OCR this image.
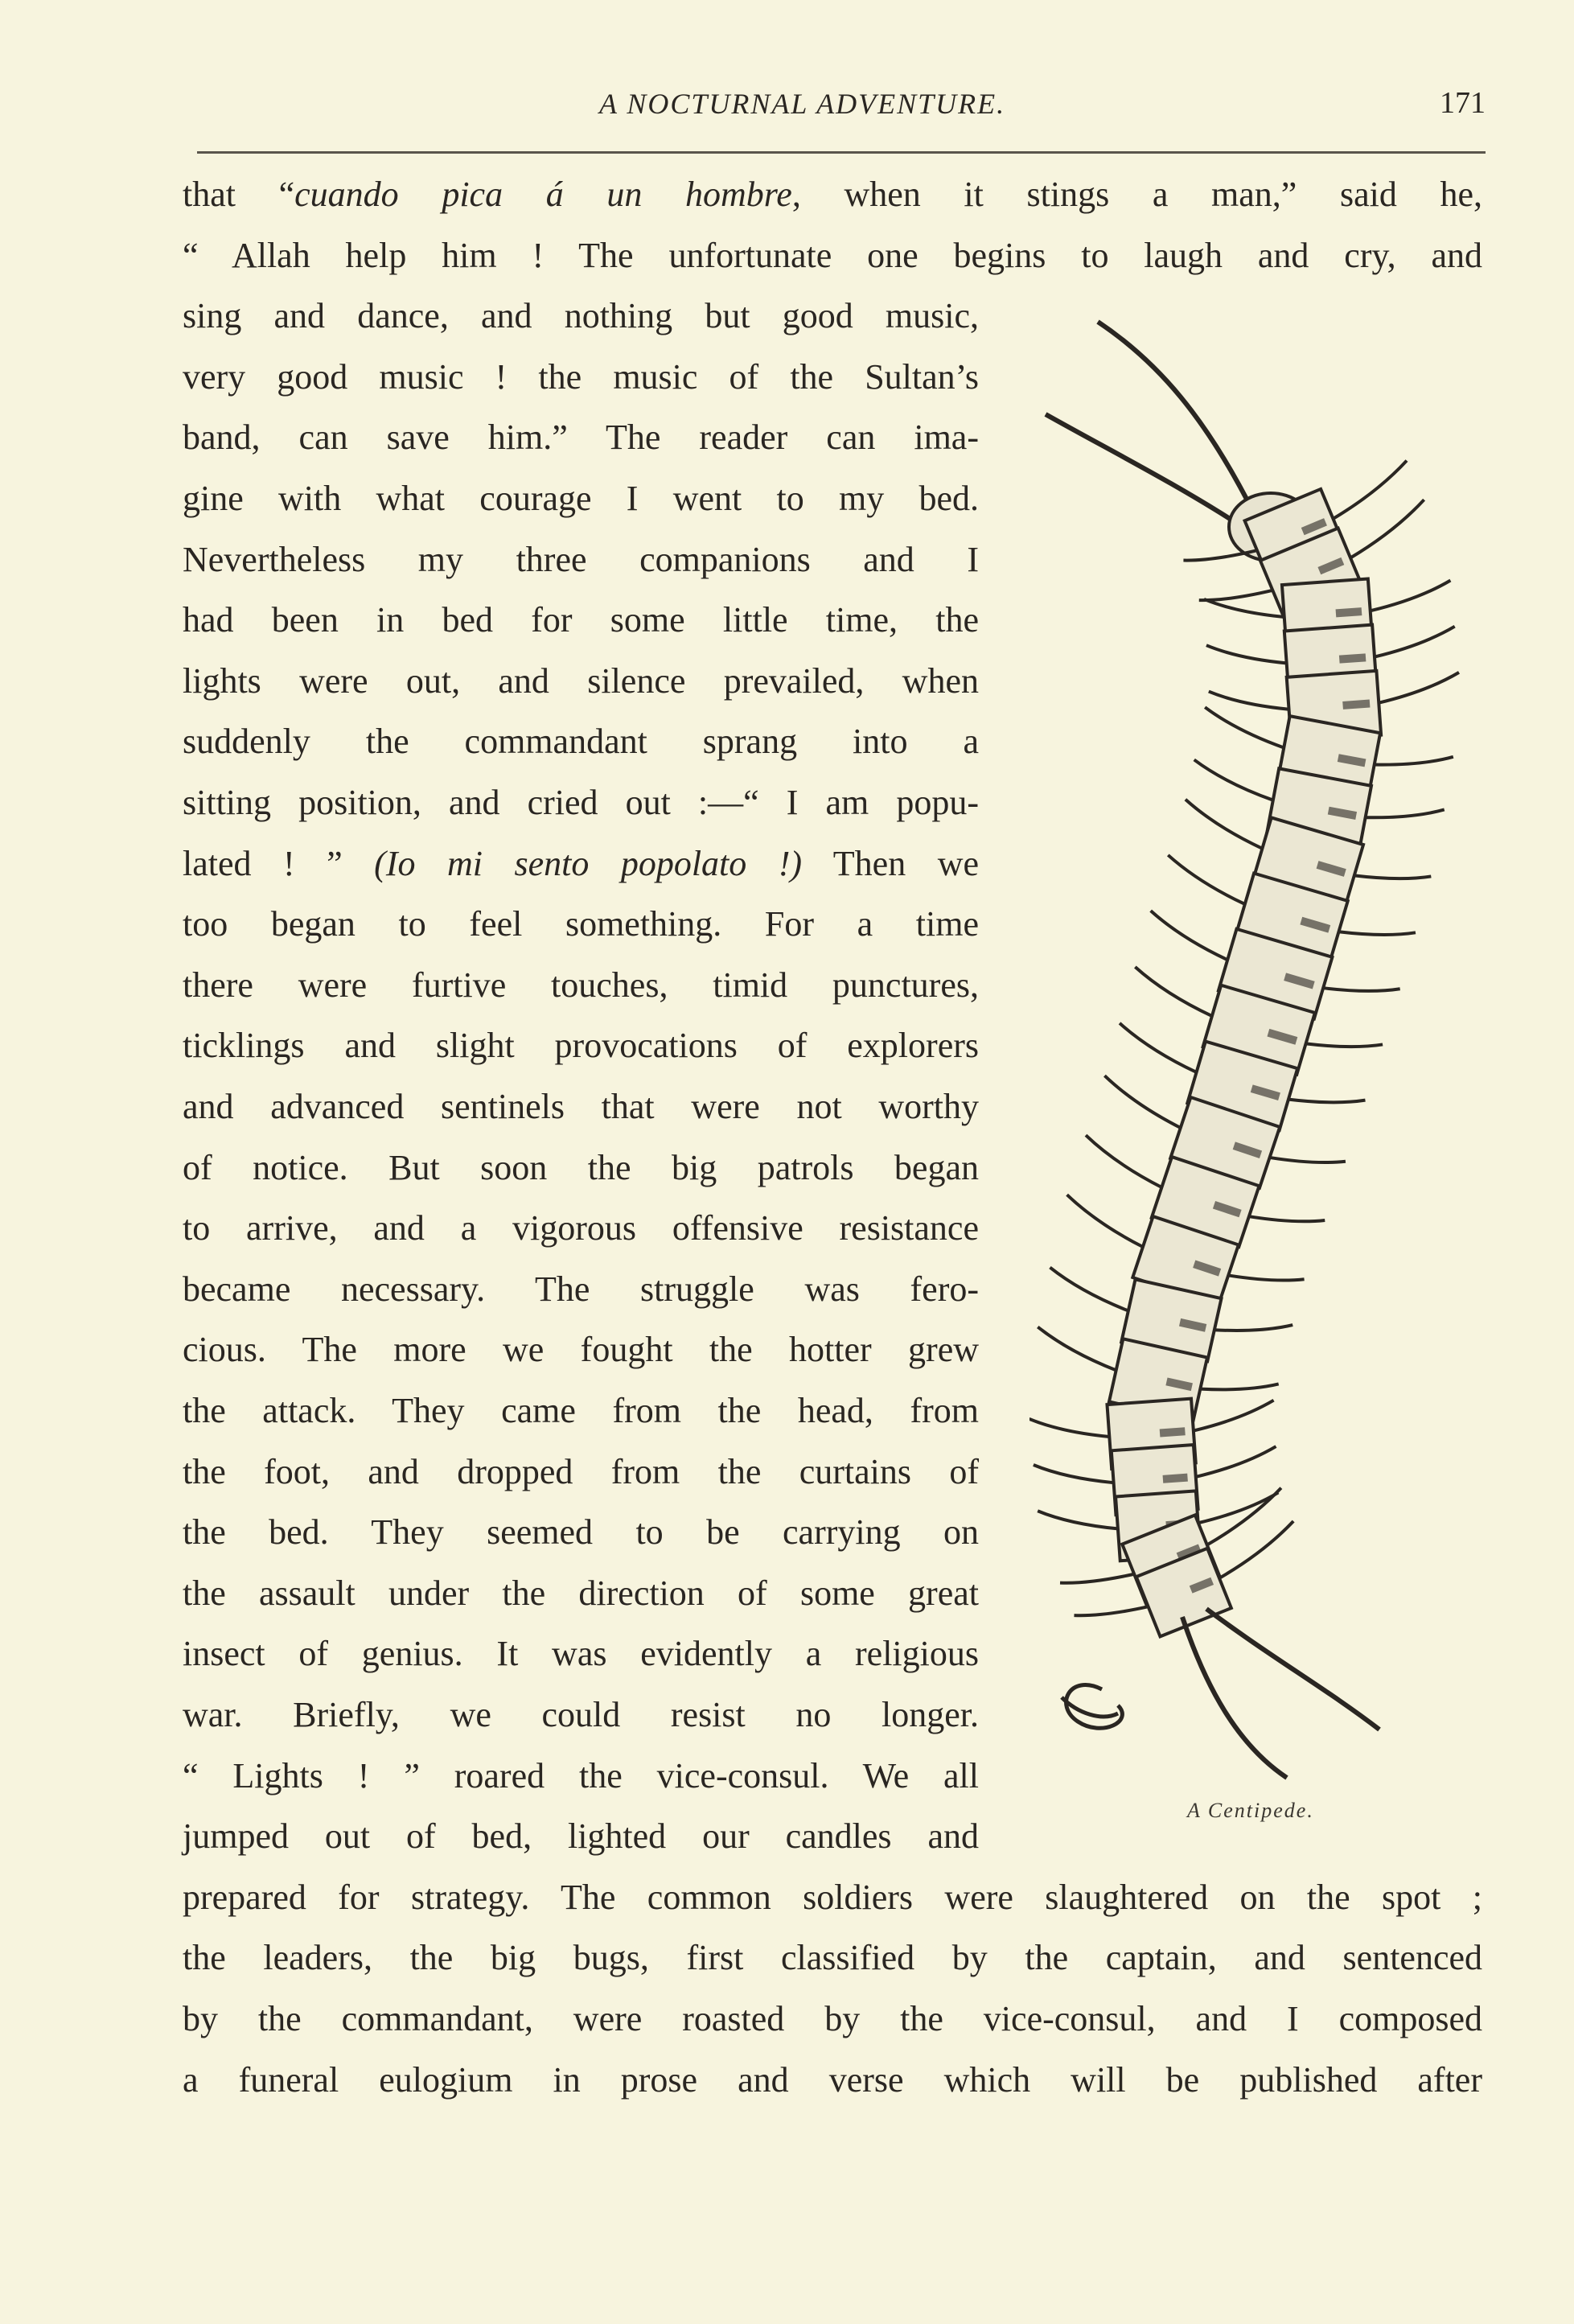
A NOCTURNAL ADVENTURE.	171
that “cuando pica á un hombre, when it stings a man,” said he,
“ Allah help him ! The unfortunate one begins to laugh and cry, and
sing and dance, and nothing but good music,
very good music ! the music of the Sultan’s
band, can save him.” The reader can ima-
gine with what courage I went to my bed.
Nevertheless my three companions and I
had been in bed for some little time, the
lights were out, and silence prevailed, when
suddenly the commandant sprang into a
sitting position, and cried out :—“ I am popu-
lated ! ” (Io mi sento popolato !) Then we
too began to feel something. For a time
there were furtive touches, timid punctures,
ticklings and slight provocations of explorers
and advanced sentinels that were not worthy
of notice. But soon the big patrols began
to arrive, and a vigorous offensive resistance
became necessary. The struggle was fero-
cious. The more we fought the hotter grew
the attack. They came from the head, from
the foot, and dropped from the curtains of
the bed. They seemed to be carrying on
the assault under the direction of some great
insect of genius. It was evidently a religious
war. Briefly, we could resist no longer.
“ Lights ! ” roared the vice-consul. We all
jumped out of bed, lighted our candles and
prepared for strategy. The common soldiers were slaughtered on the spot ;
the leaders, the big bugs, first classified by the captain, and sentenced
by the commandant, were roasted by the vice-consul, and I composed
a funeral eulogium in prose and verse which will be published after
A Centipede.
